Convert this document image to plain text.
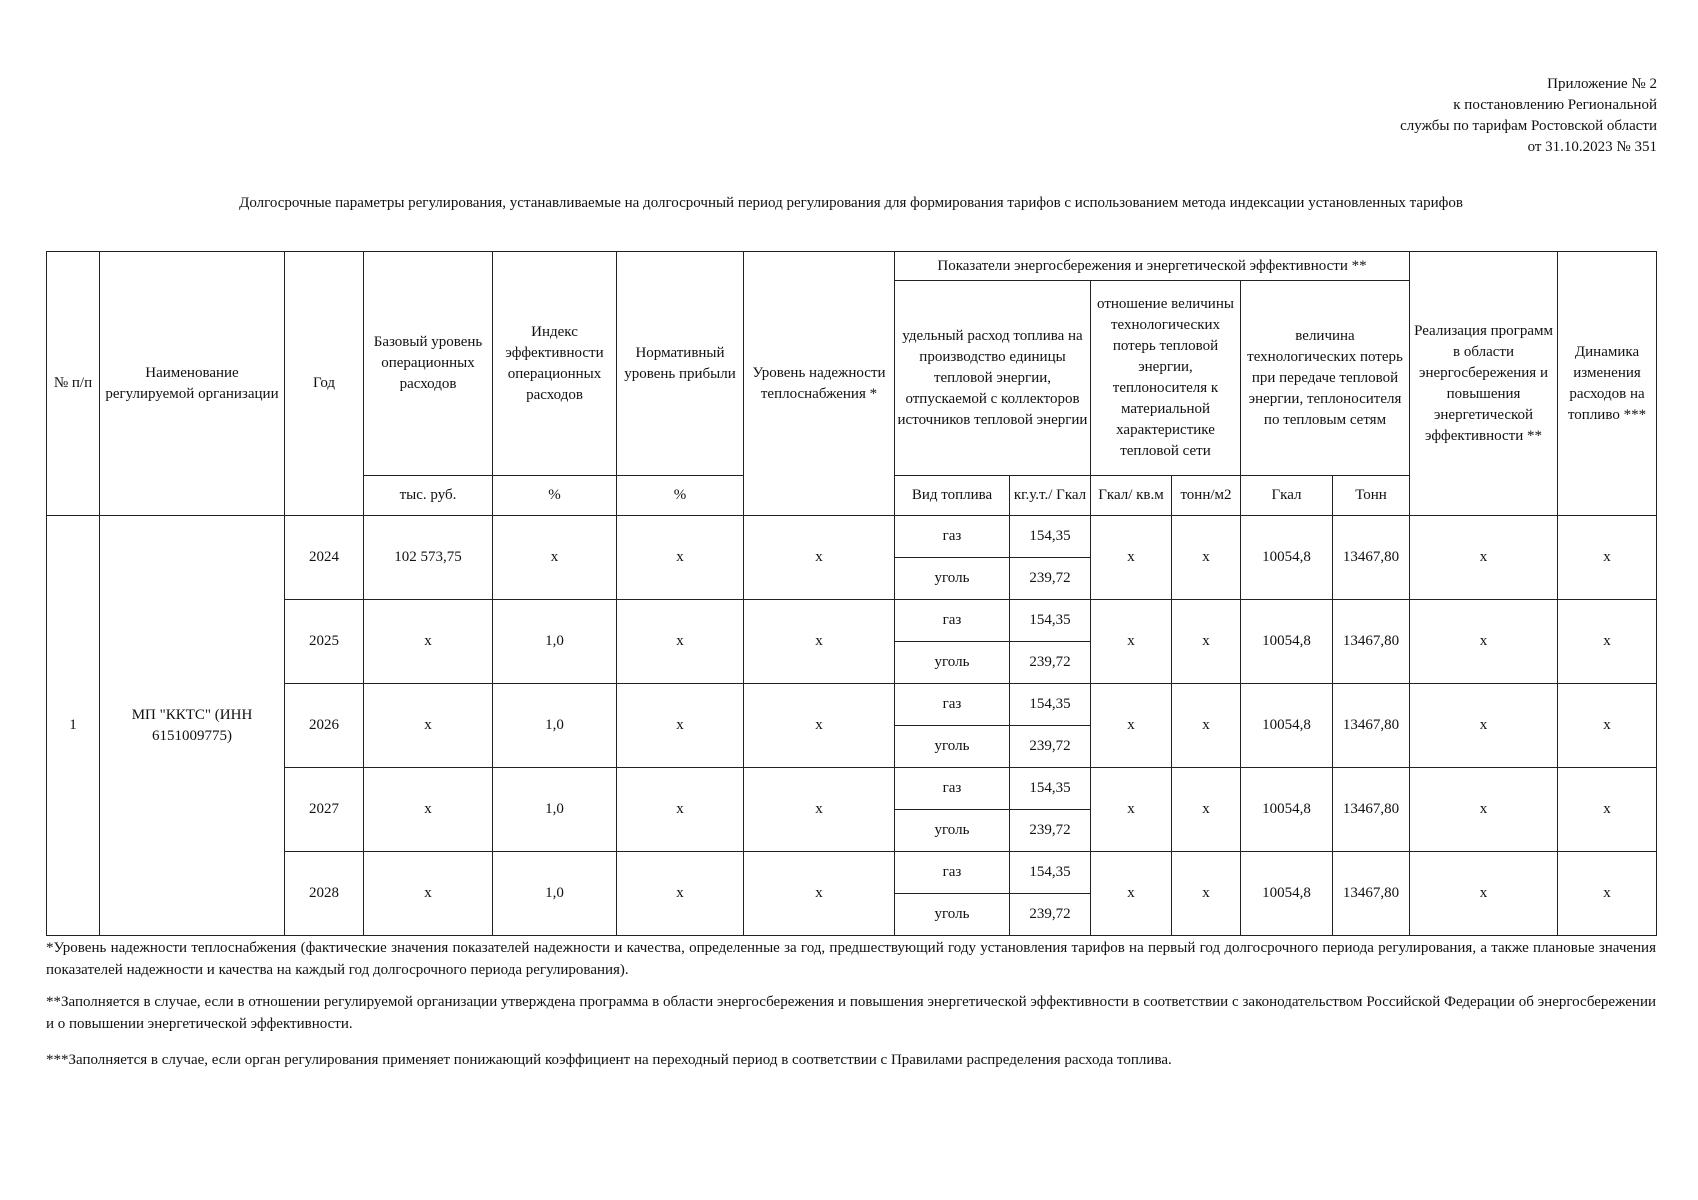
Приложение № 2
к постановлению Региональной
службы по тарифам Ростовской области
от 31.10.2023 № 351
Долгосрочные параметры регулирования, устанавливаемые на долгосрочный период регулирования для формирования тарифов с использованием метода индексации установленных тарифов
№ п/п	Наименование регулируемой организации	Год	Базовый уровень операционных расходов	Индекс эффективности операционных расходов	Нормативный уровень прибыли	Уровень надежности теплоснабжения *	Показатели энергосбережения и энергетической эффективности **						Реализация программ в области энергосбережения и повышения энергетической эффективности **	Динамика изменения расходов на топливо ***
							удельный расход топлива на производство единицы тепловой энергии, отпускаемой с коллекторов источников тепловой энергии		отношение величины технологических потерь тепловой энергии, теплоносителя к материальной характеристике тепловой сети		величина технологических потерь при передаче тепловой энергии, теплоносителя по тепловым сетям			
			тыс. руб.	%	%		Вид топлива	кг.у.т./ Гкал	Гкал/ кв.м	тонн/м2	Гкал	Тонн		
1	МП "ККТС" (ИНН 6151009775)	2024	102 573,75	х	х	х	газ	154,35	х	х	10054,8	13467,80	х	х
							уголь	239,72						
		2025	х	1,0	х	х	газ	154,35	х	х	10054,8	13467,80	х	х
							уголь	239,72						
		2026	х	1,0	х	х	газ	154,35	х	х	10054,8	13467,80	х	х
							уголь	239,72						
		2027	х	1,0	х	х	газ	154,35	х	х	10054,8	13467,80	х	х
							уголь	239,72						
		2028	х	1,0	х	х	газ	154,35	х	х	10054,8	13467,80	х	х
							уголь	239,72						

*Уровень надежности теплоснабжения (фактические значения показателей надежности и качества, определенные за год, предшествующий году установления тарифов на первый год долгосрочного периода регулирования, а также плановые значения показателей надежности и качества на каждый год долгосрочного периода регулирования).

**Заполняется в случае, если в отношении регулируемой организации утверждена программа в области энергосбережения и повышения энергетической эффективности в соответствии с законодательством Российской Федерации об энергосбережении и о повышении энергетической эффективности.

***Заполняется в случае, если орган регулирования применяет понижающий коэффициент на переходный период в соответствии с Правилами распределения расхода топлива.
